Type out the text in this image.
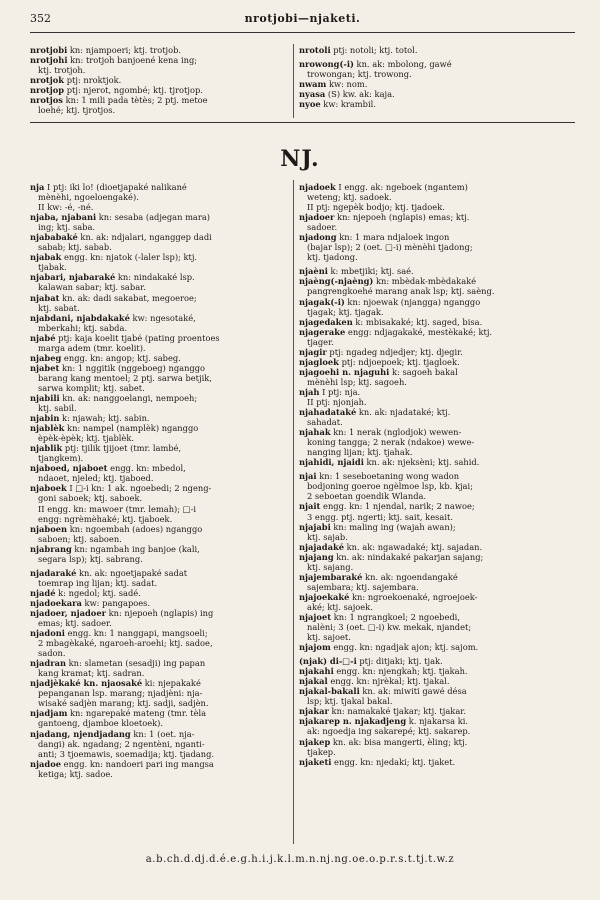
352	nrotjobi—njaketi.
nrotjobi kn: njampoeri; ktj. trotjob.
nrotjohi kn: trotjoh banjoené kena ing;
ktj. trotjoh.
nrotjok ptj: nroktjok.
nrotjop ptj: njerot, ngombé; ktj. tjrotjop.
nrotjos kn: 1 mili pada tètès; 2 ptj. metoe
loehé; ktj. tjrotjos.
nrotoli ptj: notoli; ktj. totol.
nrowong(-i) kn. ak: mbolong, gawé
trowongan; ktj. trowong.
nwam kw: nom.
nyasa (S) kw. ak: kaja.
nyoe kw: krambil.
NJ.
nja I ptj: iki lo! (dioetjapaké nalikané
mènèhi, ngoeloengaké).
II kw: -é, -né.
njaba, njabani kn: sesaba (adjegan mara)
ing; ktj. saba.
njababaké kn. ak: ndjalari, nganggep dadi
sabab; ktj. sabab.
njabak engg. kn: njatok (-laler lsp); ktj.
tjabak.
njabari, njabaraké kn: nindakaké lsp.
kalawan sabar; ktj. sabar.
njabat kn. ak: dadi sakabat, megoeroe;
ktj. sabat.
njabdani, njabdakaké kw: ngesotaké,
mberkahi; ktj. sabda.
njabé ptj: kaja koelit tjabé (pating proentoes
marga adem (tmr. koelit).
njabeg engg. kn: angop; ktj. sabeg.
njabet kn: 1 nggitik (nggeboeg) nganggo
barang kang mentoel; 2 ptj. sarwa betjik,
sarwa komplit; ktj. sabet.
njabili kn. ak: nanggoelangi, nempoeh;
ktj. sabil.
njabin k: njawah; ktj. sabin.
njablèk kn: nampel (namplèk) nganggo
èpèk-èpèk; ktj. tjablèk.
njablik ptj: tjilik tjijoet (tmr. lambé,
tjangkem).
njaboed, njaboet engg. kn: mbedol,
ndaoet, njeled; ktj. tjaboed.
njaboek I □-i kn: 1 ak. ngoebedi; 2 ngeng-
goni saboek; ktj. saboek.
II engg. kn: mawoer (tmr. lemah); □-i
engg: ngrèmèhaké; ktj. tjaboek.
njaboen kn: ngoembah (adoes) nganggo
saboen; ktj. saboen.
njabrang kn: ngambah ing banjoe (kali,
segara lsp); ktj. sabrang.
njadaraké kn. ak: ngoetjapaké sadat
toemrap ing lijan; ktj. sadat.
njadé k: ngedol; ktj. sadé.
njadoekara kw: pangapoes.
njadoer, njadoer kn: njepoeh (nglapis) ing
emas; ktj. sadoer.
njadoni engg. kn: 1 nanggapi, mangsoeli;
2 mbagèkaké, ngaroeh-aroehi; ktj. sadoe,
sadon.
njadran kn: slametan (sesadji) ing papan
kang kramat; ktj. sadran.
njadjèkaké kn. njaosaké ki: njepakaké
pepanganan lsp. marang; njadjèni: nja-
wisaké sadjèn marang; ktj. sadji, sadjèn.
njadjam kn: ngarepaké mateng (tmr. tèla
gantoeng, djamboe kloetoek).
njadang, njendjadang kn: 1 (oet. nja-
dangi) ak. ngadang; 2 ngentèni, nganti-
anti; 3 tjoemawis, soemadija; ktj. tjadang.
njadoe engg. kn: nandoeri pari ing mangsa
ketiga; ktj. sadoe.
njadoek I engg. ak: ngeboek (ngantem)
weteng; ktj. sadoek.
II ptj: ngepèk bodjo; ktj. tjadoek.
njadoer kn: njepoeh (nglapis) emas; ktj.
sadoer.
njadong kn: 1 mara ndjaloek ingon
(bajar lsp); 2 (oet. □-i) mènèhi tjadong;
ktj. tjadong.
njaèni k: mbetjiki; ktj. saé.
njaèng(-njaèng) kn: mbèdak-mbèdakaké
pangrengkoehé marang anak lsp; ktj. saèng.
njagak(-i) kn: njoewak (njangga) nganggo
tjagak; ktj. tjagak.
njagedaken k: mbisakaké; ktj. saged, bisa.
njagerake engg: ndjagakaké, mestèkaké; ktj.
tjager.
njagir ptj: ngadeg ndjedjer; ktj. djegir.
njagloek ptj: ndjoepoek; ktj. tjagloek.
njagoehi n. njaguhi k: sagoeh bakal
mènèhi lsp; ktj. sagoeh.
njah I ptj: nja.
II ptj: njonjah.
njahadataké kn. ak: njadataké; ktj.
sahadat.
njahak kn: 1 nerak (nglodjok) wewen-
koning tangga; 2 nerak (ndakoe) wewe-
nanging lijan; ktj. tjahak.
njahidi, njaidi kn. ak: njeksèni; ktj. sahid.
njai kn: 1 seseboetaning wong wadon
bodjoning goeroe ngèlmoe lsp, kb. kjai;
2 seboetan goendik Wlanda.
njait engg. kn: 1 njendal, narik; 2 nawoe;
3 engg. ptj. ngerti; ktj. sait, kesait.
njajabi kn: maling ing (wajah awan);
ktj. sajab.
njajadaké kn. ak: ngawadaké; ktj. sajadan.
njajang kn. ak: nindakaké pakarjan sajang;
ktj. sajang.
njajembaraké kn. ak: ngoendangaké
sajembara; ktj. sajembara.
njajoekaké kn: ngroekoenaké, ngroejoek-
aké; ktj. sajoek.
njajoet kn: 1 ngrangkoel; 2 ngoebedi,
nalèni; 3 (oet. □-i) kw. mekak, njandet;
ktj. sajoet.
njajom engg. kn: ngadjak ajon; ktj. sajom.
(njak) di-□-i ptj: ditjaki; ktj. tjak.
njakahi engg. kn: njengkah; ktj. tjakah.
njakal engg. kn: njrèkal; ktj. tjakal.
njakal-bakali kn. ak: miwiti gawé désa
lsp; ktj. tjakal bakal.
njakar kn: namakaké tjakar; ktj. tjakar.
njakarep n. njakadjeng k. njakarsa ki.
ak: ngoedja ing sakarepé; ktj. sakarep.
njakep kn. ak: bisa mangerti, èling; ktj.
tjakep.
njaketi engg. kn: njedaki; ktj. tjaket.
a.b.ch.d.dj.d.é.e.g.h.i.j.k.l.m.n.nj.ng.oe.o.p.r.s.t.tj.t.w.z
